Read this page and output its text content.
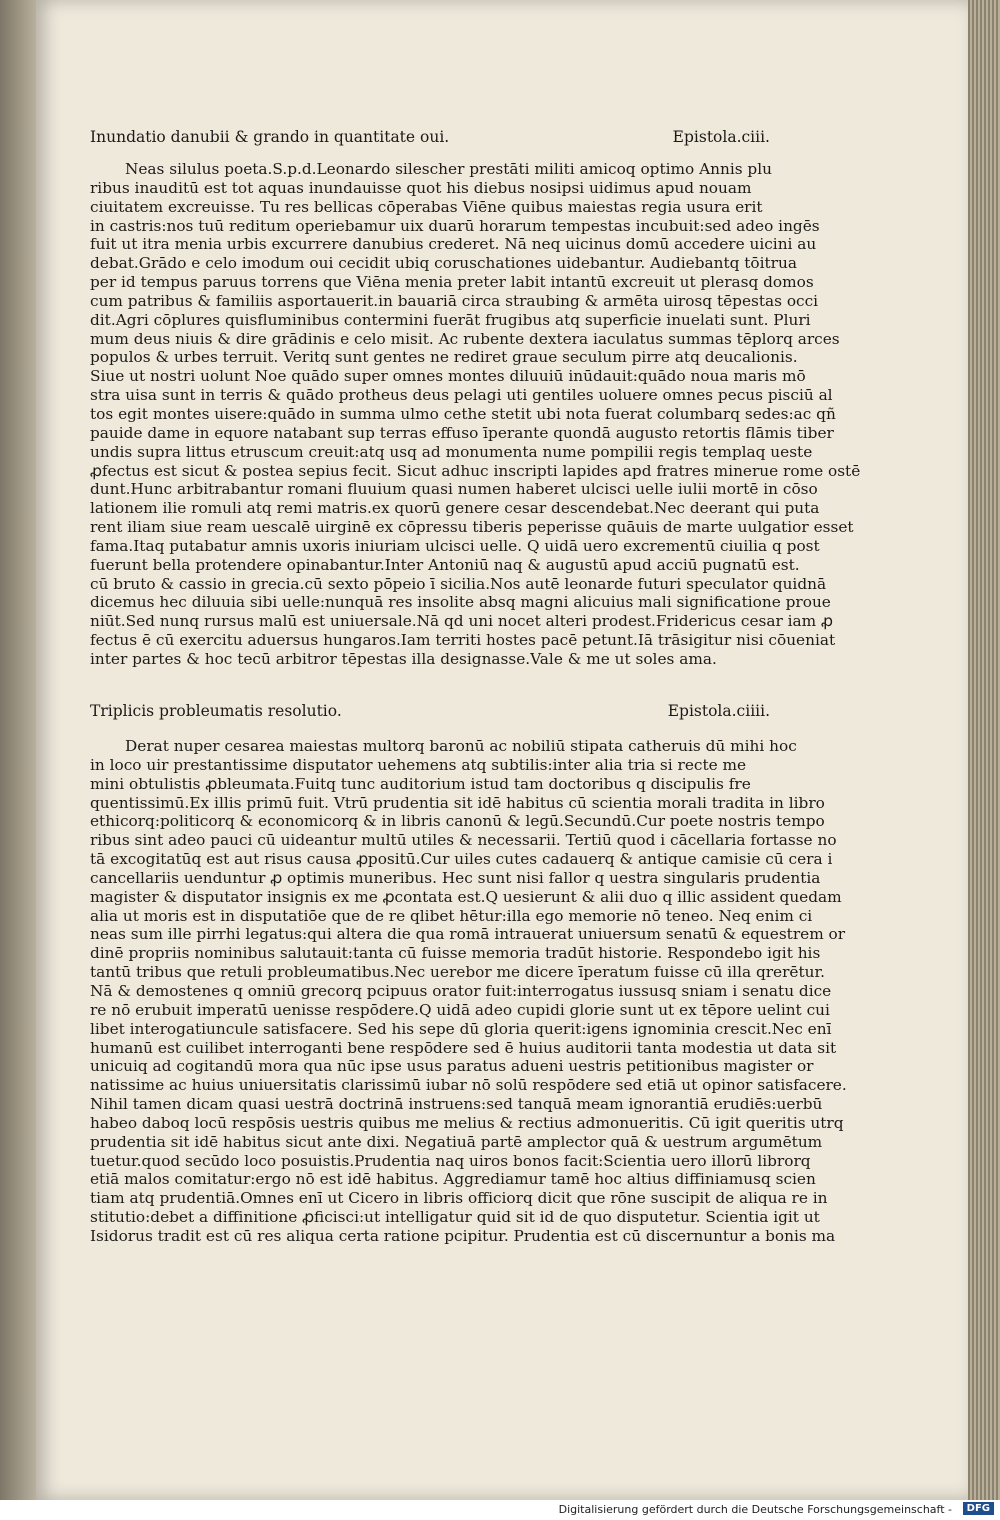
Inundatio danubii & grando in quantitate oui.	Epistola.ciii.
Neas silulus poeta.S.p.d.Leonardo silescher prestāti militi amicoq optimo Annis plu
ribus inauditū est tot aquas inundauisse quot his diebus nosipsi uidimus apud nouam
ciuitatem excreuisse. Tu res bellicas cōperabas Viēne quibus maiestas regia usura erit
in castris:nos tuū reditum operiebamur uix duarū horarum tempestas incubuit:sed adeo ingēs
fuit ut itra menia urbis excurrere danubius crederet. Nā neq uicinus domū accedere uicini au
debat.Grādo e celo imodum oui cecidit ubiq coruschationes uidebantur. Audiebantq tōitrua
per id tempus paruus torrens que Viēna menia preter labit intantū excreuit ut plerasq domos
cum patribus & familiis asportauerit.in bauariā circa straubing & armēta uirosq tēpestas occi
dit.Agri cōplures quisfluminibus contermini fuerāt frugibus atq superficie inuelati sunt. Pluri
mum deus niuis & dire grādinis e celo misit. Ac rubente dextera iaculatus summas tēplorq arces
populos & urbes terruit. Veritq sunt gentes ne rediret graue seculum pirre atq deucalionis.
Siue ut nostri uolunt Noe quādo super omnes montes diluuiū inūdauit:quādo noua maris mō
stra uisa sunt in terris & quādo protheus deus pelagi uti gentiles uoluere omnes pecus pisciū al
tos egit montes uisere:quādo in summa ulmo cethe stetit ubi nota fuerat columbarq sedes:ac qñ
pauide dame in equore natabant sup terras effuso īperante quondā augusto retortis flāmis tiber
undis supra littus etruscum creuit:atq usq ad monumenta nume pompilii regis templaq ueste
ꝓfectus est sicut & postea sepius fecit. Sicut adhuc inscripti lapides apd fratres minerue rome ostē
dunt.Hunc arbitrabantur romani fluuium quasi numen haberet ulcisci uelle iulii mortē in cōso
lationem ilie romuli atq remi matris.ex quorū genere cesar descendebat.Nec deerant qui puta
rent iliam siue ream uescalē uirginē ex cōpressu tiberis peperisse quāuis de marte uulgatior esset
fama.Itaq putabatur amnis uxoris iniuriam ulcisci uelle. Q uidā uero excrementū ciuilia q post
fuerunt bella protendere opinabantur.Inter Antoniū naq & augustū apud acciū pugnatū est.
cū bruto & cassio in grecia.cū sexto pōpeio ī sicilia.Nos autē leonarde futuri speculator quidnā
dicemus hec diluuia sibi uelle:nunquā res insolite absq magni alicuius mali significatione proue
niūt.Sed nunq rursus malū est uniuersale.Nā qd uni nocet alteri prodest.Fridericus cesar iam ꝓ
fectus ē cū exercitu aduersus hungaros.Iam territi hostes pacē petunt.Iā trāsigitur nisi cōueniat
inter partes & hoc tecū arbitror tēpestas illa designasse.Vale & me ut soles ama.
Triplicis probleumatis resolutio.	Epistola.ciiii.
Derat nuper cesarea maiestas multorq baronū ac nobiliū stipata catheruis dū mihi hoc
in loco uir prestantissime disputator uehemens atq subtilis:inter alia tria si recte me
mini obtulistis ꝓbleumata.Fuitq tunc auditorium istud tam doctoribus q discipulis fre
quentissimū.Ex illis primū fuit. Vtrū prudentia sit idē habitus cū scientia morali tradita in libro
ethicorq:politicorq & economicorq & in libris canonū & legū.Secundū.Cur poete nostris tempo
ribus sint adeo pauci cū uideantur multū utiles & necessarii. Tertiū quod i cācellaria fortasse no
tā excogitatūq est aut risus causa ꝓpositū.Cur uiles cutes cadauerq & antique camisie cū cera i
cancellariis uenduntur ꝓ optimis muneribus. Hec sunt nisi fallor q uestra singularis prudentia
magister & disputator insignis ex me ꝓcontata est.Q uesierunt & alii duo q illic assident quedam
alia ut moris est in disputatiōe que de re qlibet hētur:illa ego memorie nō teneo. Neq enim ci
neas sum ille pirrhi legatus:qui altera die qua romā intrauerat uniuersum senatū & equestrem or
dinē propriis nominibus salutauit:tanta cū fuisse memoria tradūt historie. Respondebo igit his
tantū tribus que retuli probleumatibus.Nec uerebor me dicere īperatum fuisse cū illa qrerētur.
Nā & demostenes q omniū grecorq pcipuus orator fuit:interrogatus iussusq sniam i senatu dice
re nō erubuit imperatū uenisse respōdere.Q uidā adeo cupidi glorie sunt ut ex tēpore uelint cui
libet interogatiuncule satisfacere. Sed his sepe dū gloria querit:igens ignominia crescit.Nec enī
humanū est cuilibet interroganti bene respōdere sed ē huius auditorii tanta modestia ut data sit
unicuiq ad cogitandū mora qua nūc ipse usus paratus adueni uestris petitionibus magister or
natissime ac huius uniuersitatis clarissimū iubar nō solū respōdere sed etiā ut opinor satisfacere.
Nihil tamen dicam quasi uestrā doctrinā instruens:sed tanquā meam ignorantiā erudiēs:uerbū
habeo daboq locū respōsis uestris quibus me melius & rectius admonueritis. Cū igit queritis utrq
prudentia sit idē habitus sicut ante dixi. Negatiuā partē amplector quā & uestrum argumētum
tuetur.quod secūdo loco posuistis.Prudentia naq uiros bonos facit:Scientia uero illorū librorq
etiā malos comitatur:ergo nō est idē habitus. Aggrediamur tamē hoc altius diffiniamusq scien
tiam atq prudentiā.Omnes enī ut Cicero in libris officiorq dicit que rōne suscipit de aliqua re in
stitutio:debet a diffinitione ꝓficisci:ut intelligatur quid sit id de quo disputetur. Scientia igit ut
Isidorus tradit est cū res aliqua certa ratione pcipitur. Prudentia est cū discernuntur a bonis ma
Digitalisierung gefördert durch die Deutsche Forschungsgemeinschaft -	DFG
